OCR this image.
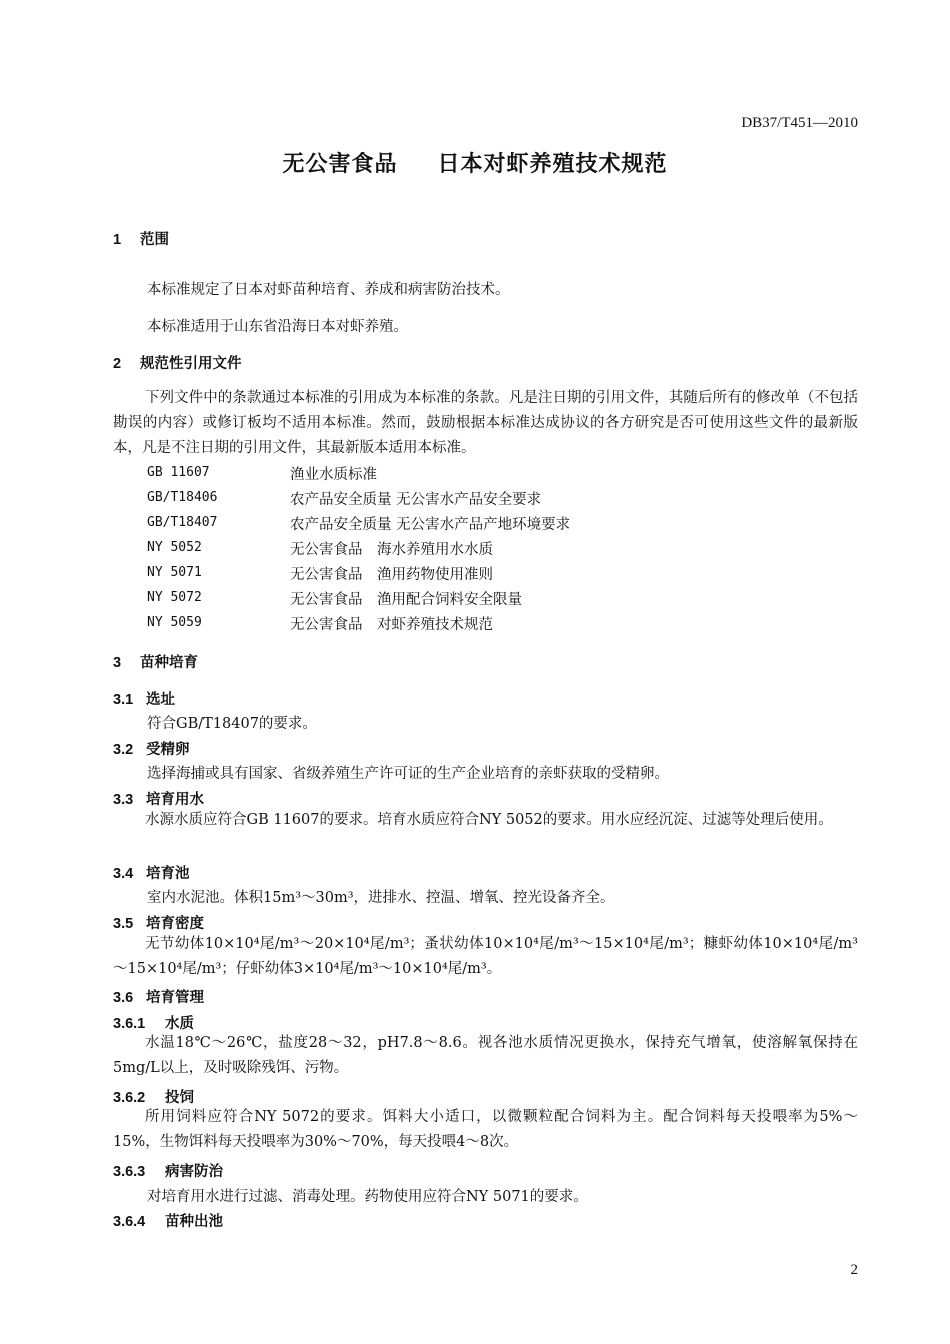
DB37/T451—2010
无公害食品 日本对虾养殖技术规范
1 范围
本标准规定了日本对虾苗种培育、养成和病害防治技术。
本标准适用于山东省沿海日本对虾养殖。
2 规范性引用文件
下列文件中的条款通过本标准的引用成为本标准的条款。凡是注日期的引用文件，其随后所有的修改单（不包括勘误的内容）或修订板均不适用本标准。然而，鼓励根据本标准达成协议的各方研究是否可使用这些文件的最新版本，凡是不注日期的引用文件，其最新版本适用本标准。
GB 11607	渔业水质标准
GB/T18406	农产品安全质量 无公害水产品安全要求
GB/T18407	农产品安全质量 无公害水产品产地环境要求
NY 5052	无公害食品　海水养殖用水水质
NY 5071	无公害食品　渔用药物使用准则
NY 5072	无公害食品　渔用配合饲料安全限量
NY 5059	无公害食品　对虾养殖技术规范
3 苗种培育
3.1 选址
符合GB/T18407的要求。
3.2 受精卵
选择海捕或具有国家、省级养殖生产许可证的生产企业培育的亲虾获取的受精卵。
3.3 培育用水
水源水质应符合GB 11607的要求。培育水质应符合NY 5052的要求。用水应经沉淀、过滤等处理后使用。
3.4 培育池
室内水泥池。体积15m³～30m³，进排水、控温、增氧、控光设备齐全。
3.5 培育密度
无节幼体10×10⁴尾/m³～20×10⁴尾/m³；蚤状幼体10×10⁴尾/m³～15×10⁴尾/m³；糠虾幼体10×10⁴尾/m³～15×10⁴尾/m³；仔虾幼体3×10⁴尾/m³～10×10⁴尾/m³。
3.6 培育管理
3.6.1 水质
水温18℃～26℃，盐度28～32，pH7.8～8.6。视各池水质情况更换水，保持充气增氧，使溶解氧保持在5mg/L以上，及时吸除残饵、污物。
3.6.2 投饲
所用饲料应符合NY 5072的要求。饵料大小适口，以微颗粒配合饲料为主。配合饲料每天投喂率为5%～15%，生物饵料每天投喂率为30%～70%，每天投喂4～8次。
3.6.3 病害防治
对培育用水进行过滤、消毒处理。药物使用应符合NY 5071的要求。
3.6.4 苗种出池
2
